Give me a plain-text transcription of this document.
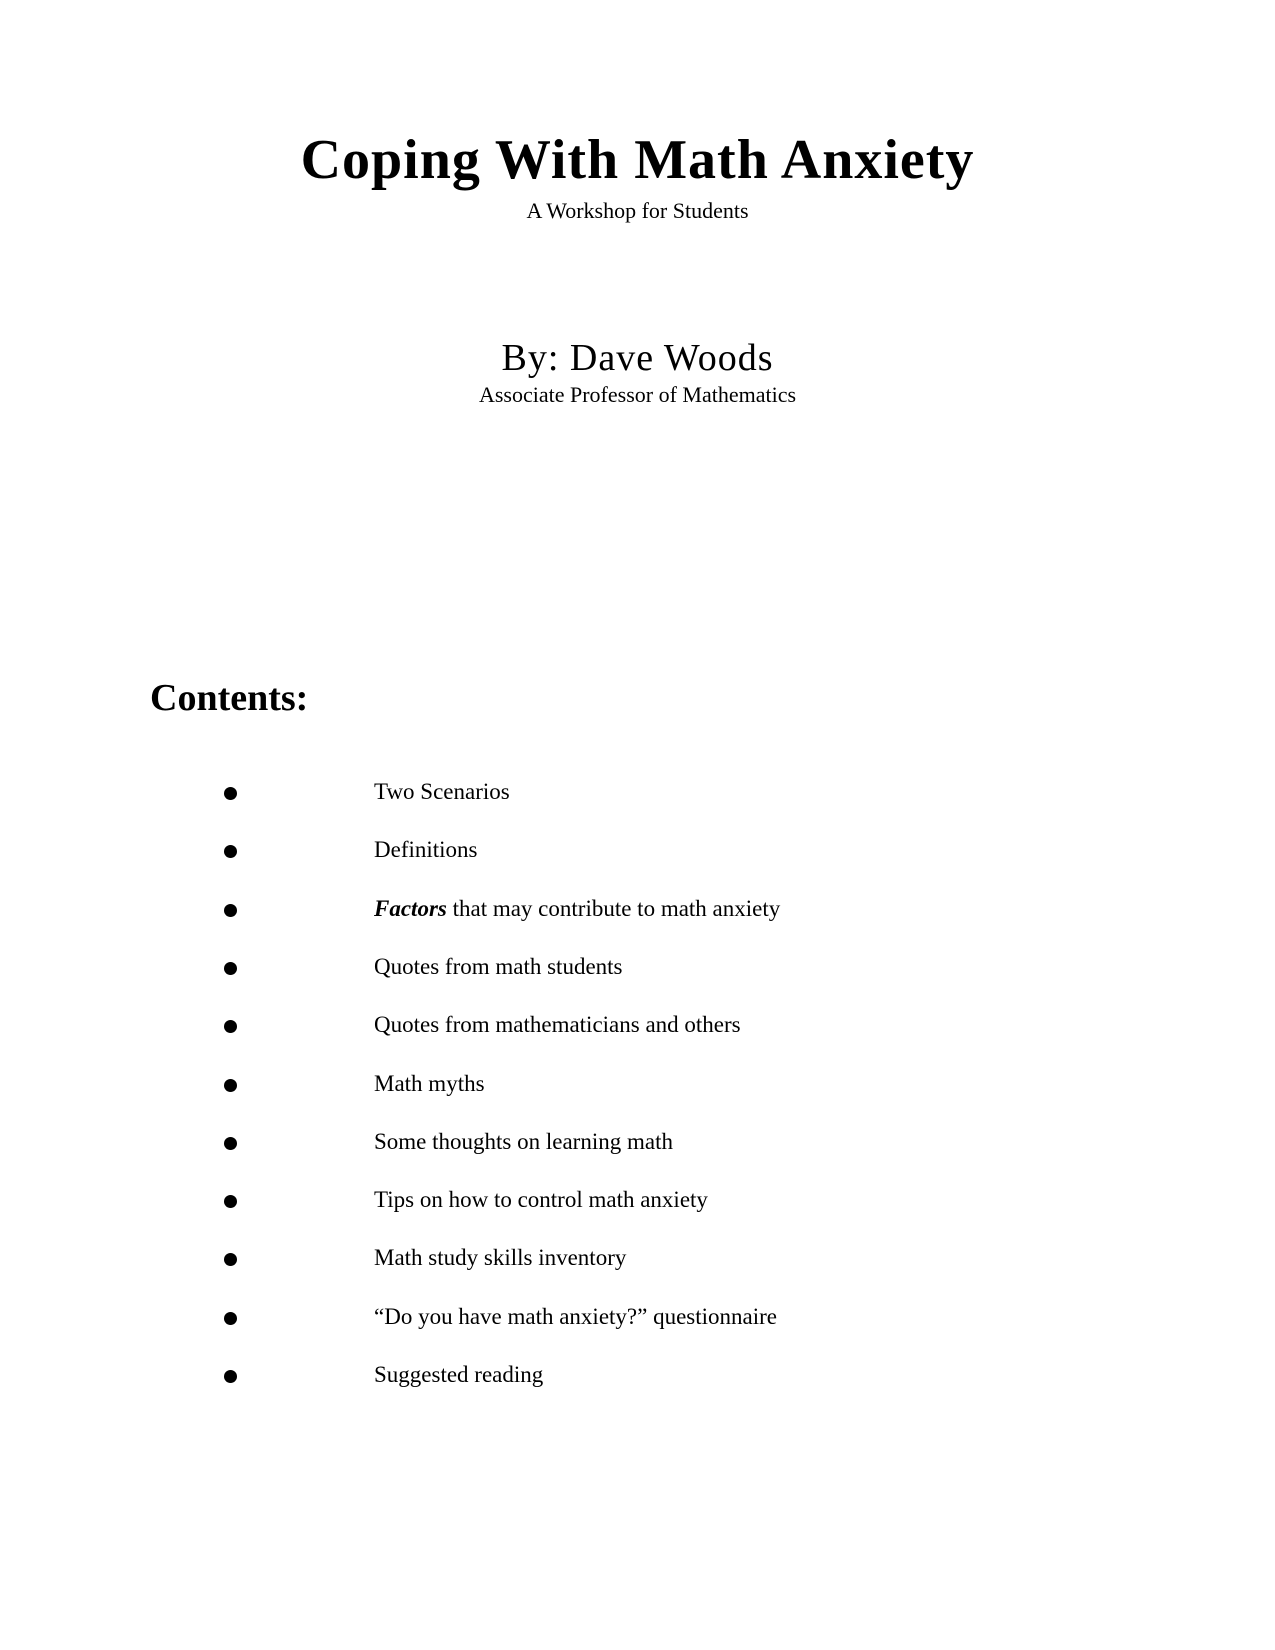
Coping With Math Anxiety
A Workshop for Students
By: Dave Woods
Associate Professor of Mathematics
Contents:
Two Scenarios
Definitions
Factors that may contribute to math anxiety
Quotes from math students
Quotes from mathematicians and others
Math myths
Some thoughts on learning math
Tips on how to control math anxiety
Math study skills inventory
“Do you have math anxiety?” questionnaire
Suggested reading
